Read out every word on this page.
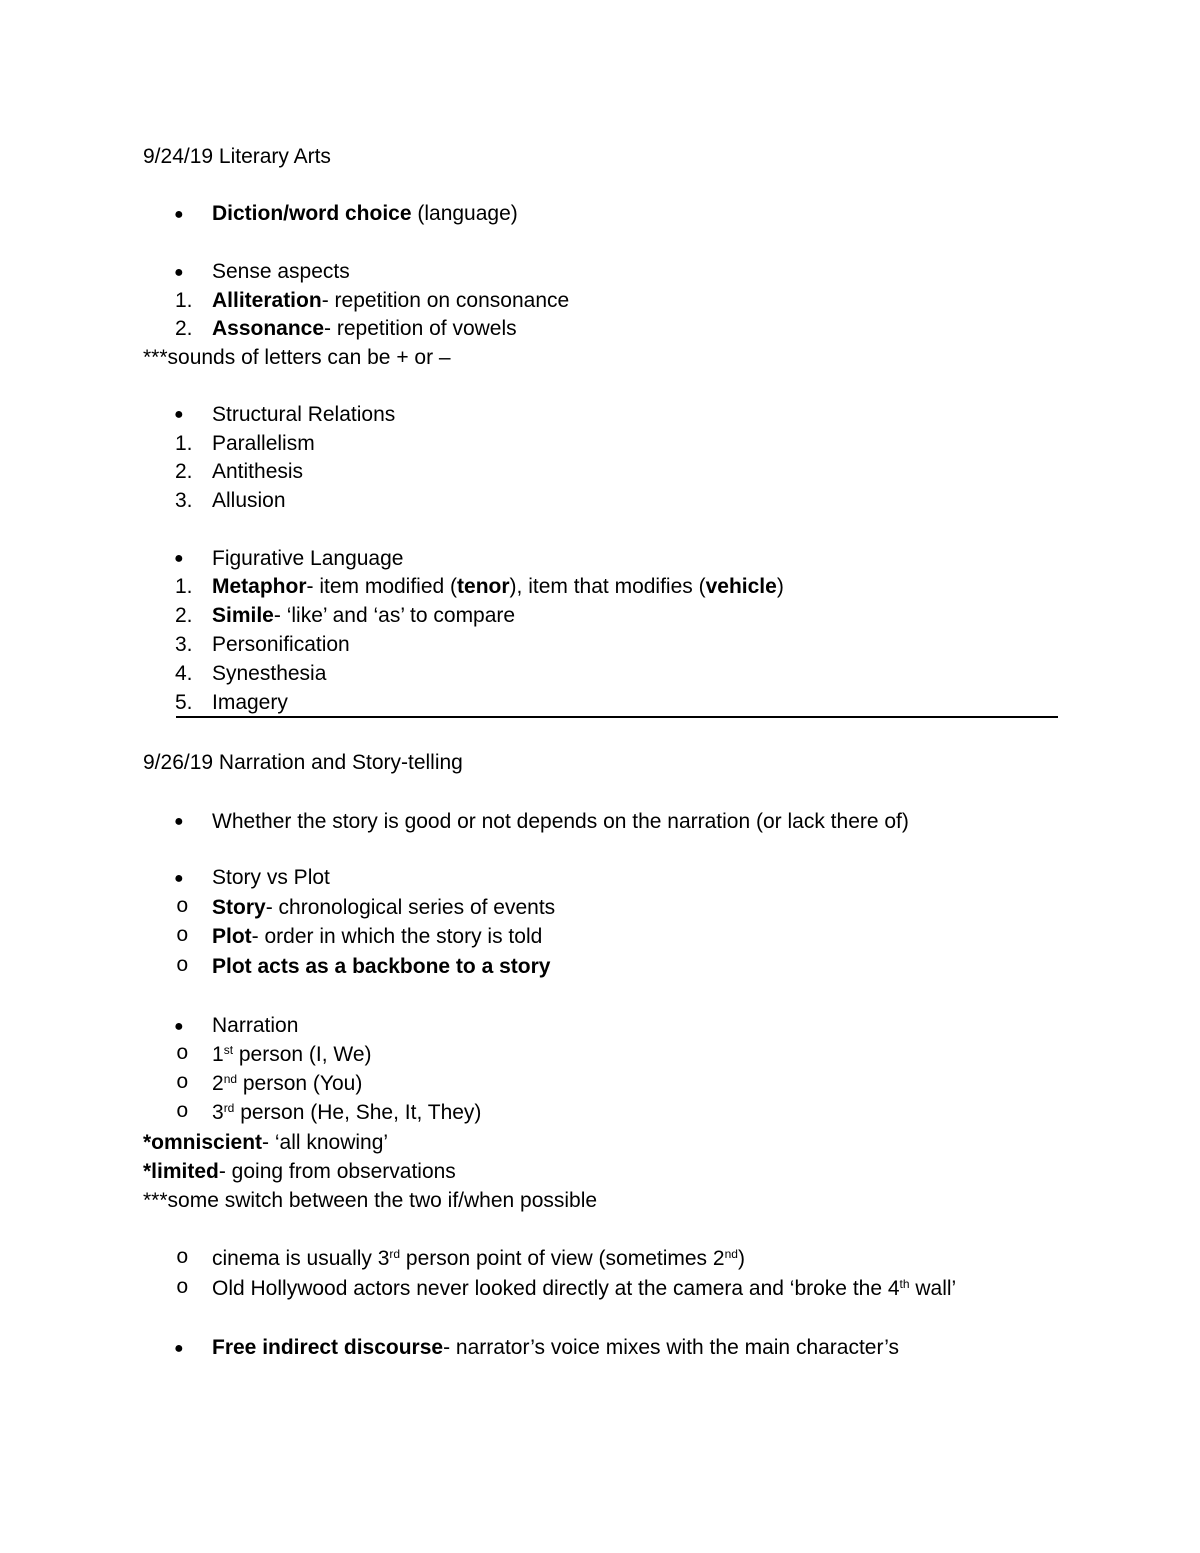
9/24/19 Literary Arts
● Diction/word choice (language)
● Sense aspects
1. Alliteration- repetition on consonance
2. Assonance- repetition of vowels
***sounds of letters can be + or –
● Structural Relations
1. Parallelism
2. Antithesis
3. Allusion
● Figurative Language
1. Metaphor- item modified (tenor), item that modifies (vehicle)
2. Simile- ‘like’ and ‘as’ to compare
3. Personification
4. Synesthesia
5. Imagery
9/26/19 Narration and Story-telling
● Whether the story is good or not depends on the narration (or lack there of)
● Story vs Plot
o Story- chronological series of events
o Plot- order in which the story is told
o Plot acts as a backbone to a story
● Narration
o 1st person (I, We)
o 2nd person (You)
o 3rd person (He, She, It, They)
*omniscient- ‘all knowing’
*limited- going from observations
***some switch between the two if/when possible
o cinema is usually 3rd person point of view (sometimes 2nd)
o Old Hollywood actors never looked directly at the camera and ‘broke the 4th wall’
● Free indirect discourse- narrator’s voice mixes with the main character’s
